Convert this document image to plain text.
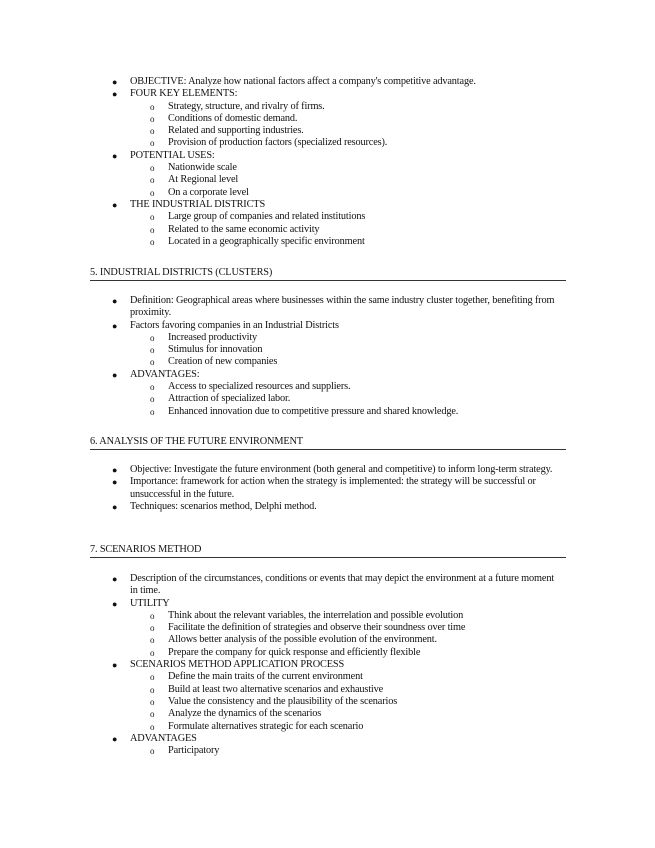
● OBJECTIVE: Analyze how national factors affect a company's competitive advantage.
● FOUR KEY ELEMENTS:
o Strategy, structure, and rivalry of firms.
o Conditions of domestic demand.
o Related and supporting industries.
o Provision of production factors (specialized resources).
● POTENTIAL USES:
o Nationwide scale
o At Regional level
o On a corporate level
● THE INDUSTRIAL DISTRICTS
o Large group of companies and related institutions
o Related to the same economic activity
o Located in a geographically specific environment
5. INDUSTRIAL DISTRICTS (CLUSTERS)
● Definition: Geographical areas where businesses within the same industry cluster together, benefiting from proximity.
● Factors favoring companies in an Industrial Districts
o Increased productivity
o Stimulus for innovation
o Creation of new companies
● ADVANTAGES:
o Access to specialized resources and suppliers.
o Attraction of specialized labor.
o Enhanced innovation due to competitive pressure and shared knowledge.
6. ANALYSIS OF THE FUTURE ENVIRONMENT
● Objective: Investigate the future environment (both general and competitive) to inform long-term strategy.
● Importance: framework for action when the strategy is implemented: the strategy will be successful or unsuccessful in the future.
● Techniques: scenarios method, Delphi method.
7. SCENARIOS METHOD
● Description of the circumstances, conditions or events that may depict the environment at a future moment in time.
● UTILITY
o Think about the relevant variables, the interrelation and possible evolution
o Facilitate the definition of strategies and observe their soundness over time
o Allows better analysis of the possible evolution of the environment.
o Prepare the company for quick response and efficiently flexible
● SCENARIOS METHOD APPLICATION PROCESS
o Define the main traits of the current environment
o Build at least two alternative scenarios and exhaustive
o Value the consistency and the plausibility of the scenarios
o Analyze the dynamics of the scenarios
o Formulate alternatives strategic for each scenario
● ADVANTAGES
o Participatory
